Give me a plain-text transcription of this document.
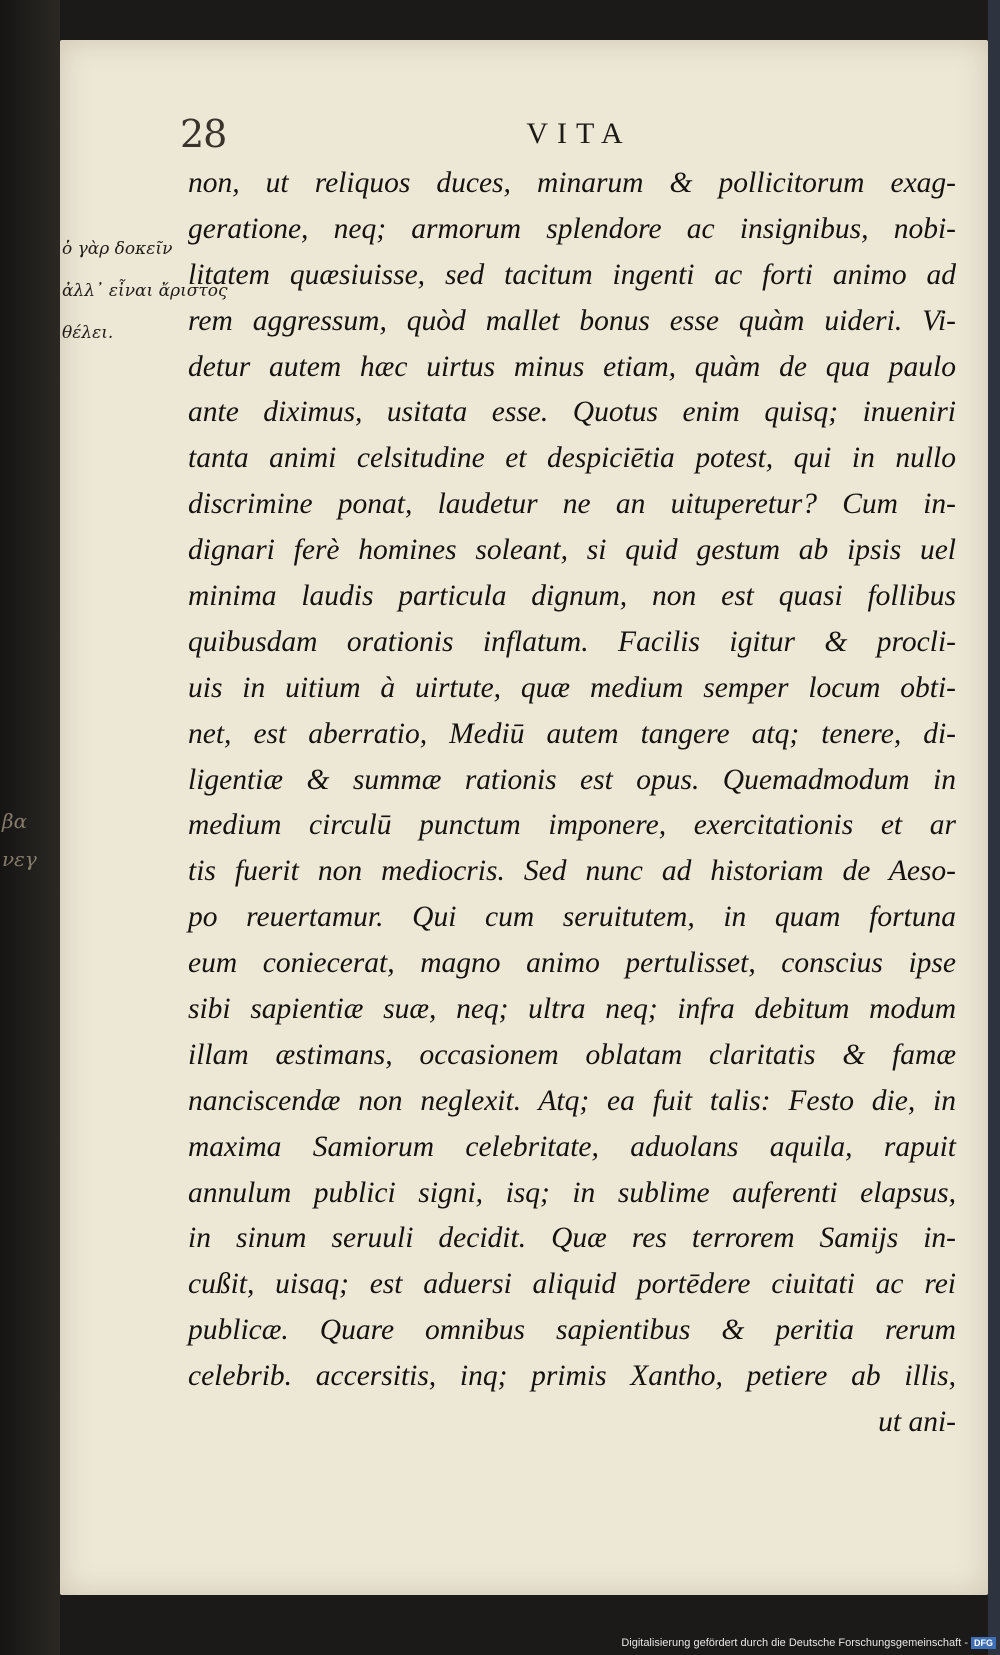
βα
νεγ
28	VITA
ὁ γὰρ δοκεῖν
ἀλλ᾽ εἶναι ἄριστος
θέλει.
non, ut reliquos duces, minarum & pollicitorum exag-
geratione, neq; armorum splendore ac insignibus, nobi-
litatem quæsiuisse, sed tacitum ingenti ac forti animo ad
rem aggressum, quòd mallet bonus esse quàm uideri. Vi-
detur autem hæc uirtus minus etiam, quàm de qua paulo
ante diximus, usitata esse. Quotus enim quisq; inueniri
tanta animi celsitudine et despiciētia potest, qui in nullo
discrimine ponat, laudetur ne an uituperetur? Cum in-
dignari ferè homines soleant, si quid gestum ab ipsis uel
minima laudis particula dignum, non est quasi follibus
quibusdam orationis inflatum. Facilis igitur & procli-
uis in uitium à uirtute, quæ medium semper locum obti-
net, est aberratio, Mediū autem tangere atq; tenere, di-
ligentiæ & summæ rationis est opus. Quemadmodum in
medium circulū punctum imponere, exercitationis et ar
tis fuerit non mediocris. Sed nunc ad historiam de Aeso-
po reuertamur. Qui cum seruitutem, in quam fortuna
eum coniecerat, magno animo pertulisset, conscius ipse
sibi sapientiæ suæ, neq; ultra neq; infra debitum modum
illam æstimans, occasionem oblatam claritatis & famæ
nanciscendæ non neglexit. Atq; ea fuit talis: Festo die, in
maxima Samiorum celebritate, aduolans aquila, rapuit
annulum publici signi, isq; in sublime auferenti elapsus,
in sinum seruuli decidit. Quæ res terrorem Samijs in-
cußit, uisaq; est aduersi aliquid portēdere ciuitati ac rei
publicæ. Quare omnibus sapientibus & peritia rerum
celebrib. accersitis, inq; primis Xantho, petiere ab illis,
ut ani-
Digitalisierung gefördert durch die Deutsche Forschungsgemeinschaft - DFG
